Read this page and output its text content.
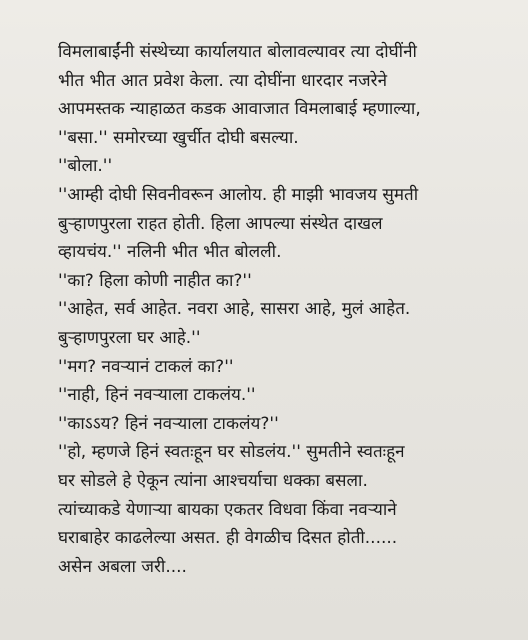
विमलाबाईंनी संस्थेच्या कार्यालयात बोलावल्यावर त्या दोघींनी
भीत भीत आत प्रवेश केला. त्या दोघींना धारदार नजरेने
आपमस्तक न्याहाळत कडक आवाजात विमलाबाई म्हणाल्या,
''बसा.'' समोरच्या खुर्चीत दोघी बसल्या.
''बोला.''
''आम्ही दोघी सिवनीवरून आलोय. ही माझी भावजय सुमती
बुऱ्हाणपुरला राहत होती. हिला आपल्या संस्थेत दाखल
व्हायचंय.'' नलिनी भीत भीत बोलली.
''का? हिला कोणी नाहीत का?''
''आहेत, सर्व आहेत. नवरा आहे, सासरा आहे, मुलं आहेत.
बुऱ्हाणपुरला घर आहे.''
''मग? नवऱ्यानं टाकलं का?''
''नाही, हिनं नवऱ्याला टाकलंय.''
''काऽऽय? हिनं नवऱ्याला टाकलंय?''
''हो, म्हणजे हिनं स्वतःहून घर सोडलंय.'' सुमतीने स्वतःहून
घर सोडले हे ऐकून त्यांना आश्चर्याचा धक्का बसला.
त्यांच्याकडे येणाऱ्या बायका एकतर विधवा किंवा नवऱ्याने
घराबाहेर काढलेल्या असत. ही वेगळीच दिसत होती......
असेन अबला जरी....
